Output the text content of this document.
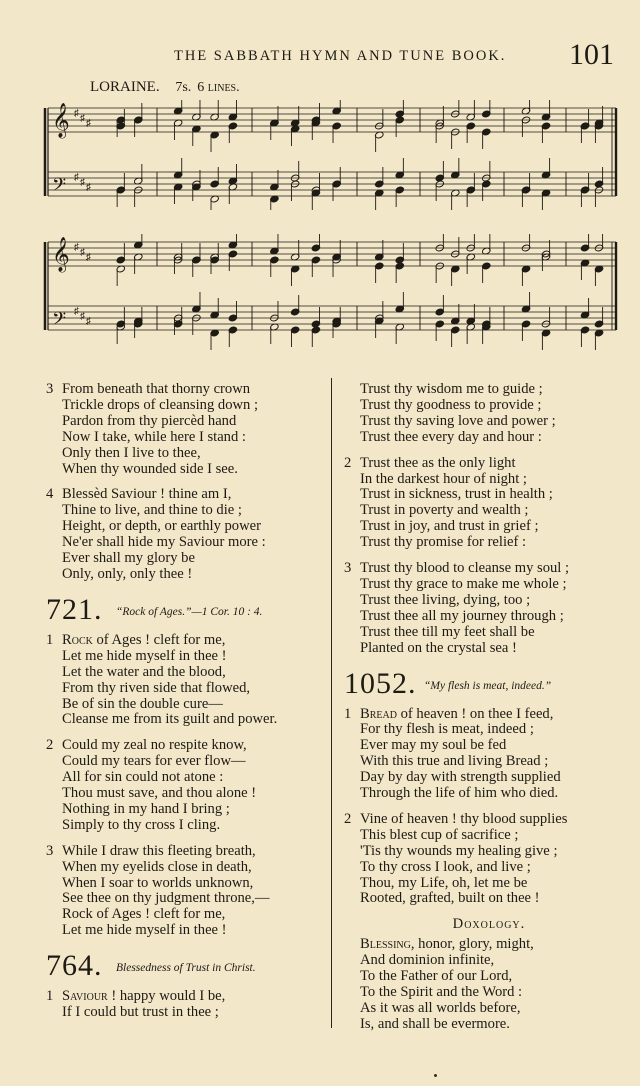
THE SABBATH HYMN AND TUNE BOOK. 101
LORAINE. 7s. 6 lines.
𝄞 ♯ ♯ ♯
𝄢 ♯ ♯ ♯
𝄞 ♯ ♯ ♯
𝄢 ♯ ♯ ♯
3 From beneath that thorny crown
Trickle drops of cleansing down ;
Pardon from thy piercèd hand
Now I take, while here I stand :
Only then I live to thee,
When thy wounded side I see.
4 Blessèd Saviour ! thine am I,
Thine to live, and thine to die ;
Height, or depth, or earthly power
Ne'er shall hide my Saviour more :
Ever shall my glory be
Only, only, only thee !
721. “Rock of Ages.”—1 Cor. 10 : 4.
1 Rock of Ages ! cleft for me,
Let me hide myself in thee !
Let the water and the blood,
From thy riven side that flowed,
Be of sin the double cure—
Cleanse me from its guilt and power.
2 Could my zeal no respite know,
Could my tears for ever flow—
All for sin could not atone :
Thou must save, and thou alone !
Nothing in my hand I bring ;
Simply to thy cross I cling.
3 While I draw this fleeting breath,
When my eyelids close in death,
When I soar to worlds unknown,
See thee on thy judgment throne,—
Rock of Ages ! cleft for me,
Let me hide myself in thee !
764. Blessedness of Trust in Christ.
1 Saviour ! happy would I be,
If I could but trust in thee ;
Trust thy wisdom me to guide ;
Trust thy goodness to provide ;
Trust thy saving love and power ;
Trust thee every day and hour :
2 Trust thee as the only light
In the darkest hour of night ;
Trust in sickness, trust in health ;
Trust in poverty and wealth ;
Trust in joy, and trust in grief ;
Trust thy promise for relief :
3 Trust thy blood to cleanse my soul ;
Trust thy grace to make me whole ;
Trust thee living, dying, too ;
Trust thee all my journey through ;
Trust thee till my feet shall be
Planted on the crystal sea !
1052. “My flesh is meat, indeed.”
1 Bread of heaven ! on thee I feed,
For thy flesh is meat, indeed ;
Ever may my soul be fed
With this true and living Bread ;
Day by day with strength supplied
Through the life of him who died.
2 Vine of heaven ! thy blood supplies
This blest cup of sacrifice ;
'Tis thy wounds my healing give ;
To thy cross I look, and live ;
Thou, my Life, oh, let me be
Rooted, grafted, built on thee !
Doxology.
Blessing, honor, glory, might,
And dominion infinite,
To the Father of our Lord,
To the Spirit and the Word :
As it was all worlds before,
Is, and shall be evermore.
